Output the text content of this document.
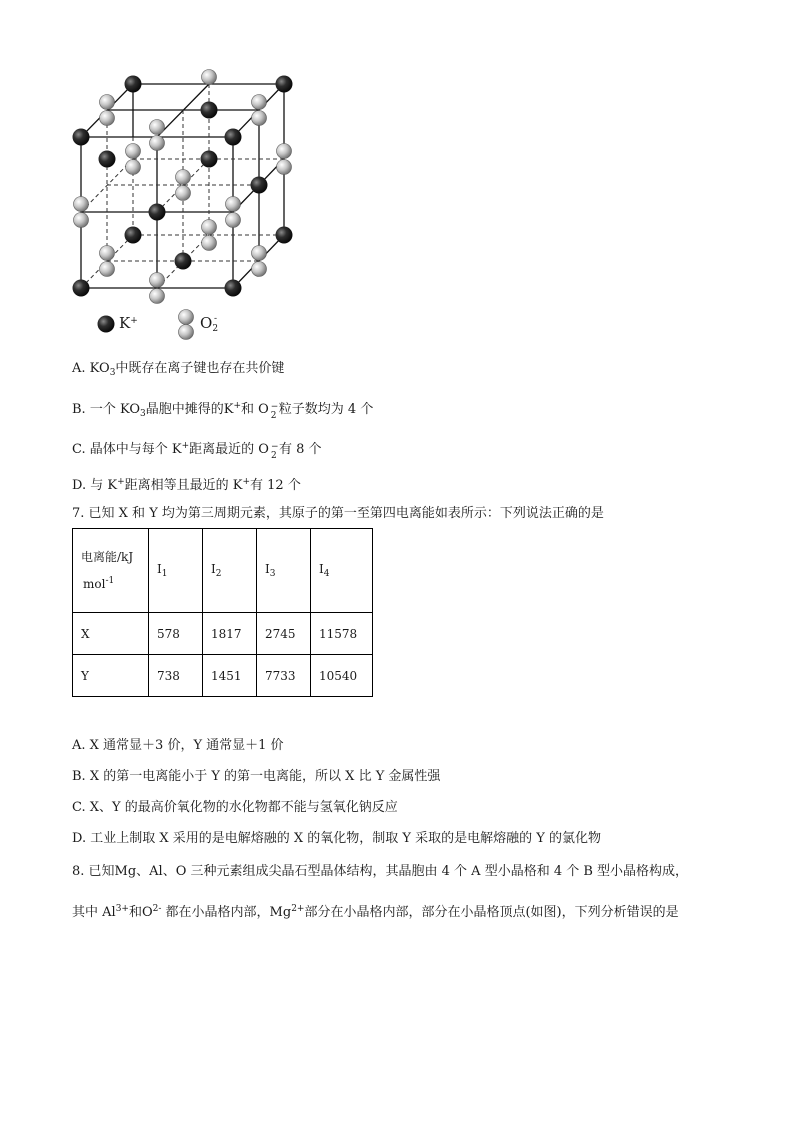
K+	$O_2^-$
A. $KO_3$中既存在离子键也存在共价键
B. 一个 $KO_3$晶胞中摊得的K+和 O −
2 粒子数均为 4 个
C. 晶体中与每个 K+距离最近的 O −
2 有 8 个
D. 与 K+距离相等且最近的 K+有 12 个
7. 已知 X 和 Y 均为第三周期元素，其原子的第一至第四电离能如表所示：下列说法正确的是
电离能/kJ
mol$^{-1}$	$I_1$	$I_2$	$I_3$	$I_4$
X	578	1817	2745	11578
Y	738	1451	7733	10540
A. X 通常显＋3 价，Y 通常显＋1 价
B. X 的第一电离能小于 Y 的第一电离能，所以 X 比 Y 金属性强
C. X、Y 的最高价氧化物的水化物都不能与氢氧化钠反应
D. 工业上制取 X 采用的是电解熔融的 X 的氧化物，制取 Y 采取的是电解熔融的 Y 的氯化物
8. 已知Mg、Al、O 三种元素组成尖晶石型晶体结构，其晶胞由 4 个 A 型小晶格和 4 个 B 型小晶格构成，
其中 $Al^{3+}$和$O^{2-}$ 都在小晶格内部，$Mg^{2+}$部分在小晶格内部，部分在小晶格顶点(如图)，下列分析错误的是
